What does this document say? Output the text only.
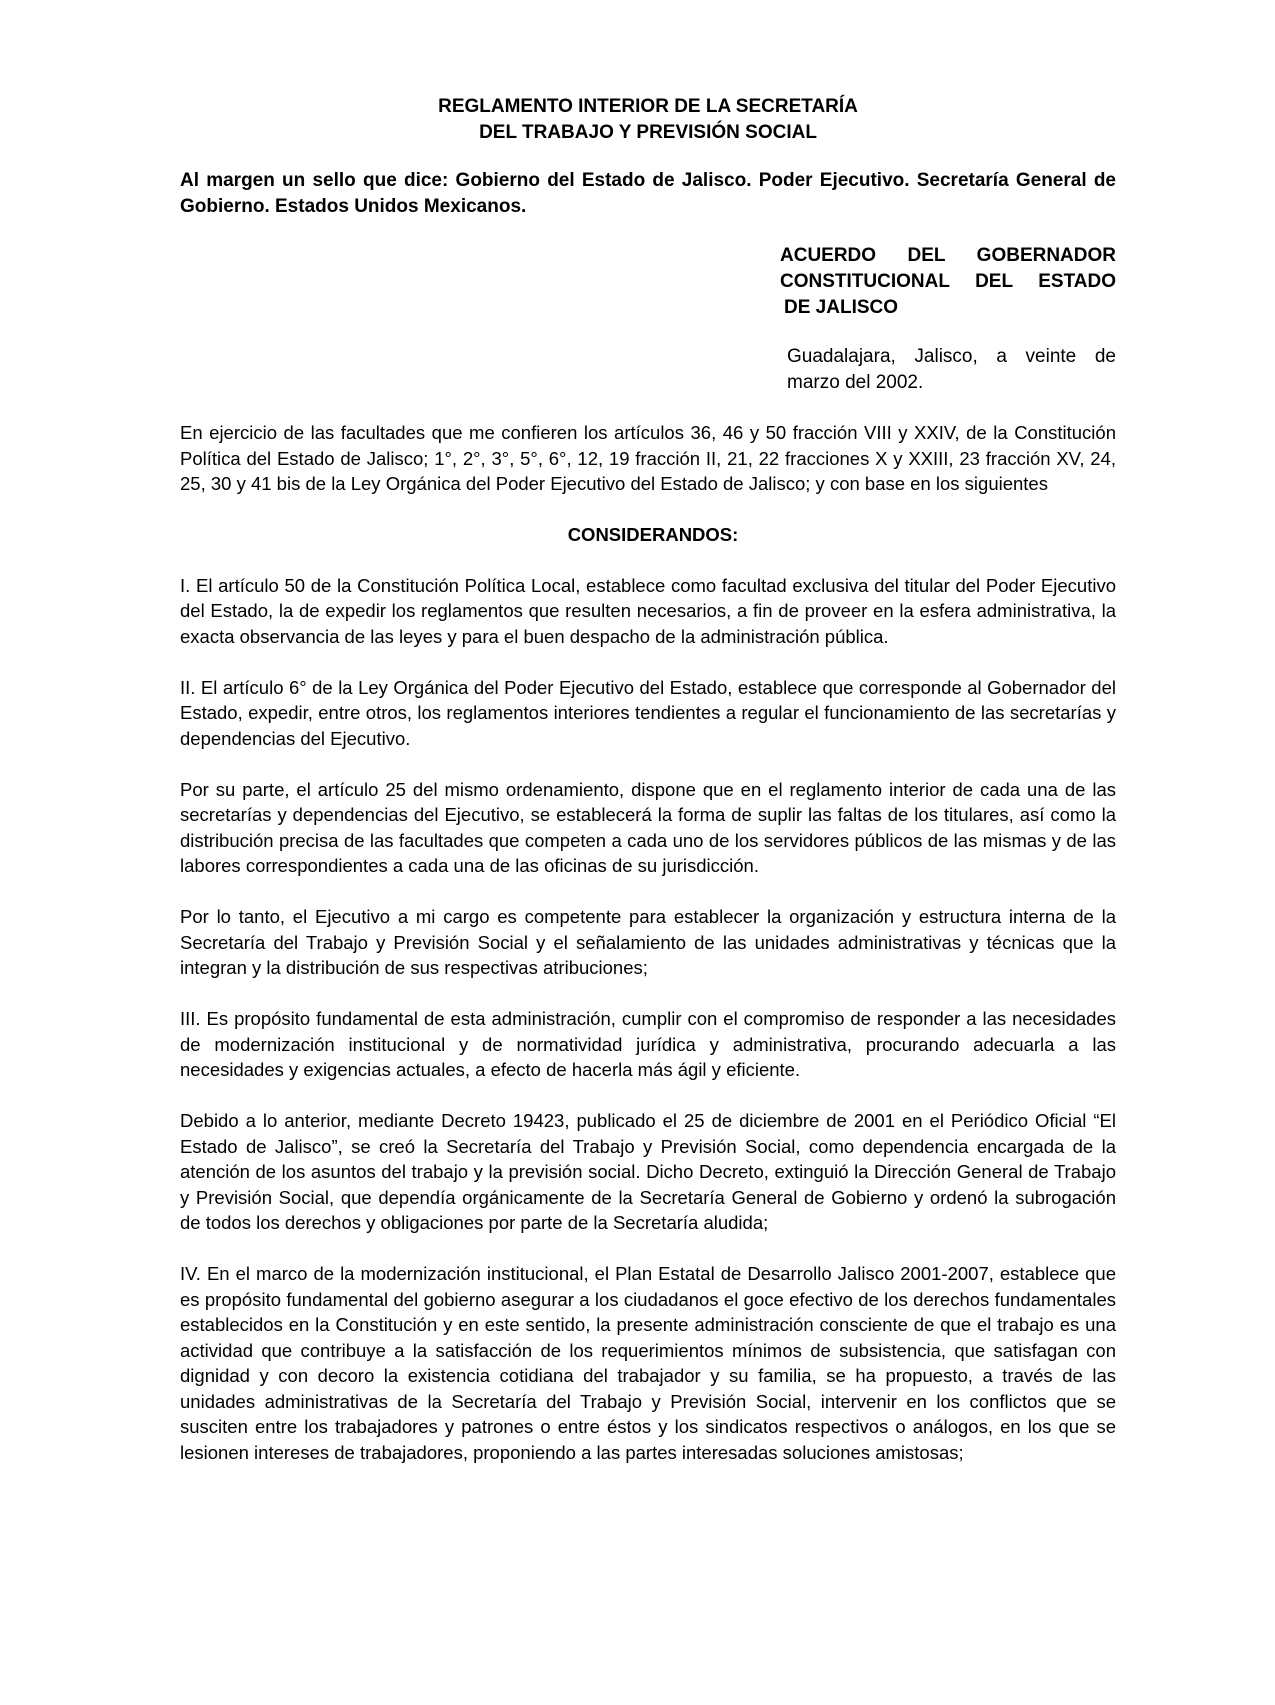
REGLAMENTO INTERIOR DE LA SECRETARÍA
DEL TRABAJO Y PREVISIÓN SOCIAL
Al margen un sello que dice: Gobierno del Estado de Jalisco. Poder Ejecutivo. Secretaría General de Gobierno. Estados Unidos Mexicanos.
ACUERDO DEL GOBERNADOR
CONSTITUCIONAL DEL ESTADO
DE JALISCO
Guadalajara, Jalisco, a veinte de
marzo del 2002.

En ejercicio de las facultades que me confieren los artículos 36, 46 y 50 fracción VIII y XXIV, de la Constitución Política del Estado de Jalisco; 1°, 2°, 3°, 5°, 6°, 12, 19 fracción II, 21, 22 fracciones X y XXIII, 23 fracción XV, 24, 25, 30 y 41 bis de la Ley Orgánica del Poder Ejecutivo del Estado de Jalisco; y con base en los siguientes

CONSIDERANDOS:

I. El artículo 50 de la Constitución Política Local, establece como facultad exclusiva del titular del Poder Ejecutivo del Estado, la de expedir los reglamentos que resulten necesarios, a fin de proveer en la esfera administrativa, la exacta observancia de las leyes y para el buen despacho de la administración pública.

II. El artículo 6° de la Ley Orgánica del Poder Ejecutivo del Estado, establece que corresponde al Gobernador del Estado, expedir, entre otros, los reglamentos interiores tendientes a regular el funcionamiento de las secretarías y dependencias del Ejecutivo.

Por su parte, el artículo 25 del mismo ordenamiento, dispone que en el reglamento interior de cada una de las secretarías y dependencias del Ejecutivo, se establecerá la forma de suplir las faltas de los titulares, así como la distribución precisa de las facultades que competen a cada uno de los servidores públicos de las mismas y de las labores correspondientes a cada una de las oficinas de su jurisdicción.

Por lo tanto, el Ejecutivo a mi cargo es competente para establecer la organización y estructura interna de la Secretaría del Trabajo y Previsión Social y el señalamiento de las unidades administrativas y técnicas que la integran y la distribución de sus respectivas atribuciones;

III. Es propósito fundamental de esta administración, cumplir con el compromiso de responder a las necesidades de modernización institucional y de normatividad jurídica y administrativa, procurando adecuarla a las necesidades y exigencias actuales, a efecto de hacerla más ágil y eficiente.

Debido a lo anterior, mediante Decreto 19423, publicado el 25 de diciembre de 2001 en el Periódico Oficial “El Estado de Jalisco”, se creó la Secretaría del Trabajo y Previsión Social, como dependencia encargada de la atención de los asuntos del trabajo y la previsión social. Dicho Decreto, extinguió la Dirección General de Trabajo y Previsión Social, que dependía orgánicamente de la Secretaría General de Gobierno y ordenó la subrogación de todos los derechos y obligaciones por parte de la Secretaría aludida;

IV. En el marco de la modernización institucional, el Plan Estatal de Desarrollo Jalisco 2001-2007, establece que es propósito fundamental del gobierno asegurar a los ciudadanos el goce efectivo de los derechos fundamentales establecidos en la Constitución y en este sentido, la presente administración consciente de que el trabajo es una actividad que contribuye a la satisfacción de los requerimientos mínimos de subsistencia, que satisfagan con dignidad y con decoro la existencia cotidiana del trabajador y su familia, se ha propuesto, a través de las unidades administrativas de la Secretaría del Trabajo y Previsión Social, intervenir en los conflictos que se susciten entre los trabajadores y patrones o entre éstos y los sindicatos respectivos o análogos, en los que se lesionen intereses de trabajadores, proponiendo a las partes interesadas soluciones amistosas;
